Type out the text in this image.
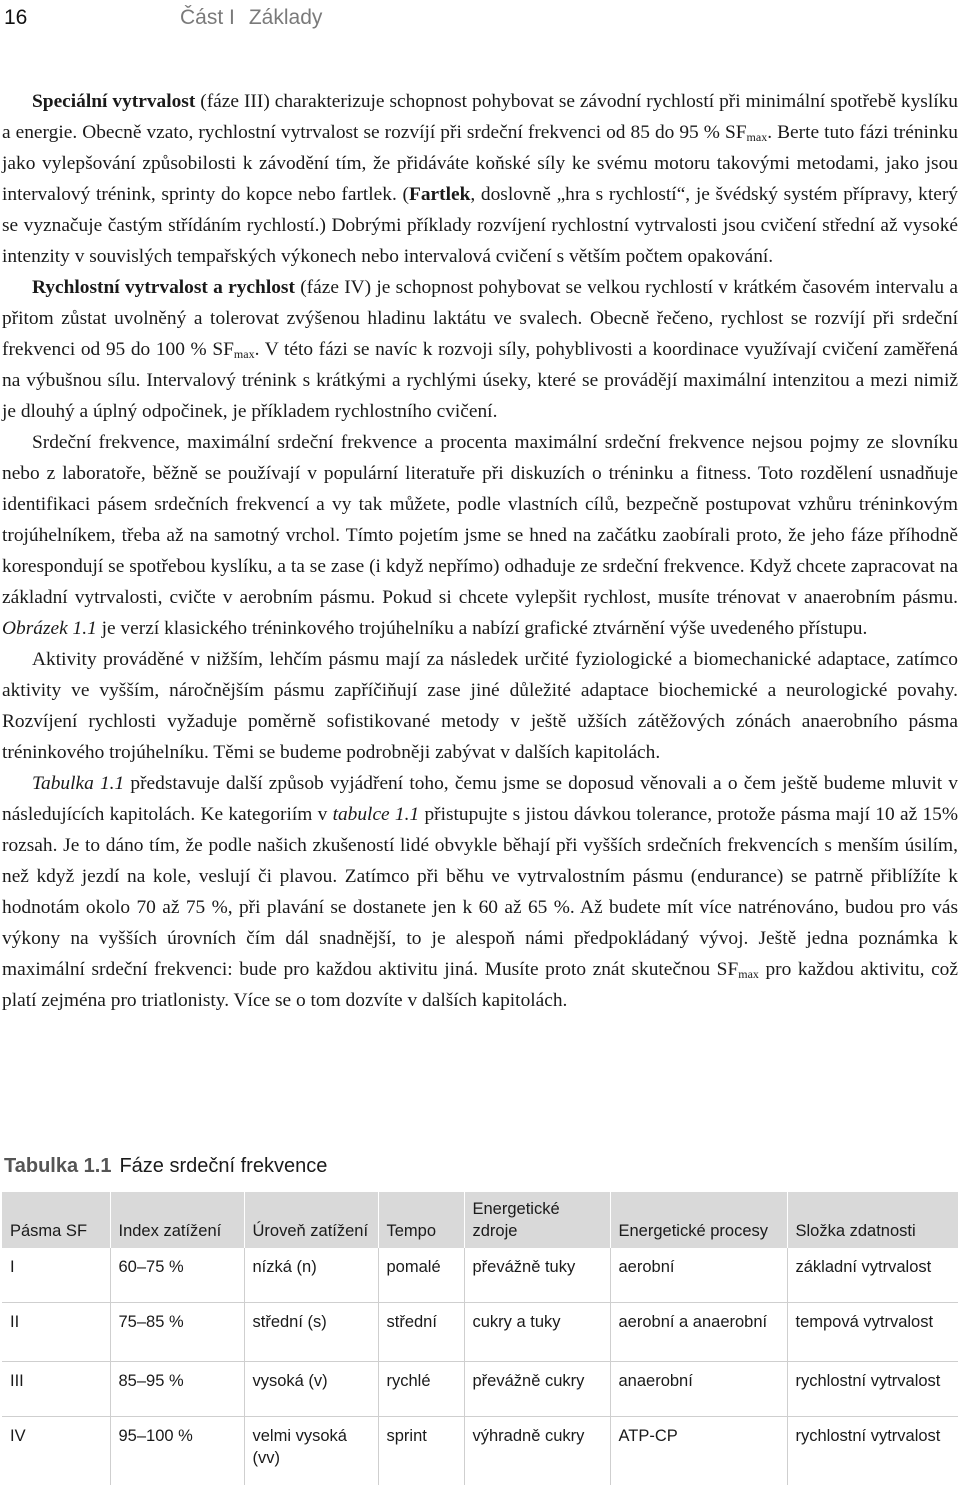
16	Část I Základy

Speciální vytrvalost (fáze III) charakterizuje schopnost pohybovat se závodní rychlostí při minimální spotřebě kyslíku a energie. Obecně vzato, rychlostní vytrvalost se rozvíjí při srdeční frekvenci od 85 do 95 % $SF_{max}$. Berte tuto fázi tréninku jako vylepšování způsobilosti k závodění tím, že přidáváte koňské síly ke svému motoru takovými metodami, jako jsou intervalový trénink, sprinty do kopce nebo fartlek. (Fartlek, doslovně „hra s rychlostí“, je švédský systém přípravy, který se vyznačuje častým střídáním rychlostí.) Dobrými příklady rozvíjení rychlostní vytrvalosti jsou cvičení střední až vysoké intenzity v souvislých tempařských výkonech nebo intervalová cvičení s větším počtem opakování.

Rychlostní vytrvalost a rychlost (fáze IV) je schopnost pohybovat se velkou rychlostí v krátkém časovém intervalu a přitom zůstat uvolněný a tolerovat zvýšenou hladinu laktátu ve svalech. Obecně řečeno, rychlost se rozvíjí při srdeční frekvenci od 95 do 100 % $SF_{max}$. V této fázi se navíc k rozvoji síly, pohyblivosti a koordinace využívají cvičení zaměřená na výbušnou sílu. Intervalový trénink s krátkými a rychlými úseky, které se provádějí maximální intenzitou a mezi nimiž je dlouhý a úplný odpočinek, je příkladem rychlostního cvičení.

Srdeční frekvence, maximální srdeční frekvence a procenta maximální srdeční frekvence nejsou pojmy ze slovníku nebo z laboratoře, běžně se používají v populární literatuře při diskuzích o tréninku a fitness. Toto rozdělení usnadňuje identifikaci pásem srdečních frekvencí a vy tak můžete, podle vlastních cílů, bezpečně postupovat vzhůru tréninkovým trojúhelníkem, třeba až na samotný vrchol. Tímto pojetím jsme se hned na začátku zaobírali proto, že jeho fáze příhodně korespondují se spotřebou kyslíku, a ta se zase (i když nepřímo) odhaduje ze srdeční frekvence. Když chcete zapracovat na základní vytrvalosti, cvičte v aerobním pásmu. Pokud si chcete vylepšit rychlost, musíte trénovat v anaerobním pásmu. Obrázek 1.1 je verzí klasického tréninkového trojúhelníku a nabízí grafické ztvárnění výše uvedeného přístupu.

Aktivity prováděné v nižším, lehčím pásmu mají za následek určité fyziologické a biomechanické adaptace, zatímco aktivity ve vyšším, náročnějším pásmu zapříčiňují zase jiné důležité adaptace biochemické a neurologické povahy. Rozvíjení rychlosti vyžaduje poměrně sofistikované metody v ještě užších zátěžových zónách anaerobního pásma tréninkového trojúhelníku. Těmi se budeme podrobněji zabývat v dalších kapitolách.

Tabulka 1.1 představuje další způsob vyjádření toho, čemu jsme se doposud věnovali a o čem ještě budeme mluvit v následujících kapitolách. Ke kategoriím v tabulce 1.1 přistupujte s jistou dávkou tolerance, protože pásma mají 10 až 15% rozsah. Je to dáno tím, že podle našich zkušeností lidé obvykle běhají při vyšších srdečních frekvencích s menším úsilím, než když jezdí na kole, veslují či plavou. Zatímco při běhu ve vytrvalostním pásmu (endurance) se patrně přiblížíte k hodnotám okolo 70 až 75 %, při plavání se dostanete jen k 60 až 65 %. Až budete mít více natrénováno, budou pro vás výkony na vyšších úrovních čím dál snadnější, to je alespoň námi předpokládaný vývoj. Ještě jedna poznámka k maximální srdeční frekvenci: bude pro každou aktivitu jiná. Musíte proto znát skutečnou $SF_{max}$ pro každou aktivitu, což platí zejména pro triatlonisty. Více se o tom dozvíte v dalších kapitolách.

Tabulka 1.1 Fáze srdeční frekvence
Pásma SF	Index zatížení	Úroveň zatížení	Tempo	Energetické zdroje	Energetické procesy	Složka zdatnosti
I	60–75 %	nízká (n)	pomalé	převážně tuky	aerobní	základní vytrvalost
II	75–85 %	střední (s)	střední	cukry a tuky	aerobní a anaerobní	tempová vytrvalost
III	85–95 %	vysoká (v)	rychlé	převážně cukry	anaerobní	rychlostní vytrvalost
IV	95–100 %	velmi vysoká (vv)	sprint	výhradně cukry	ATP-CP	rychlostní vytrvalost
